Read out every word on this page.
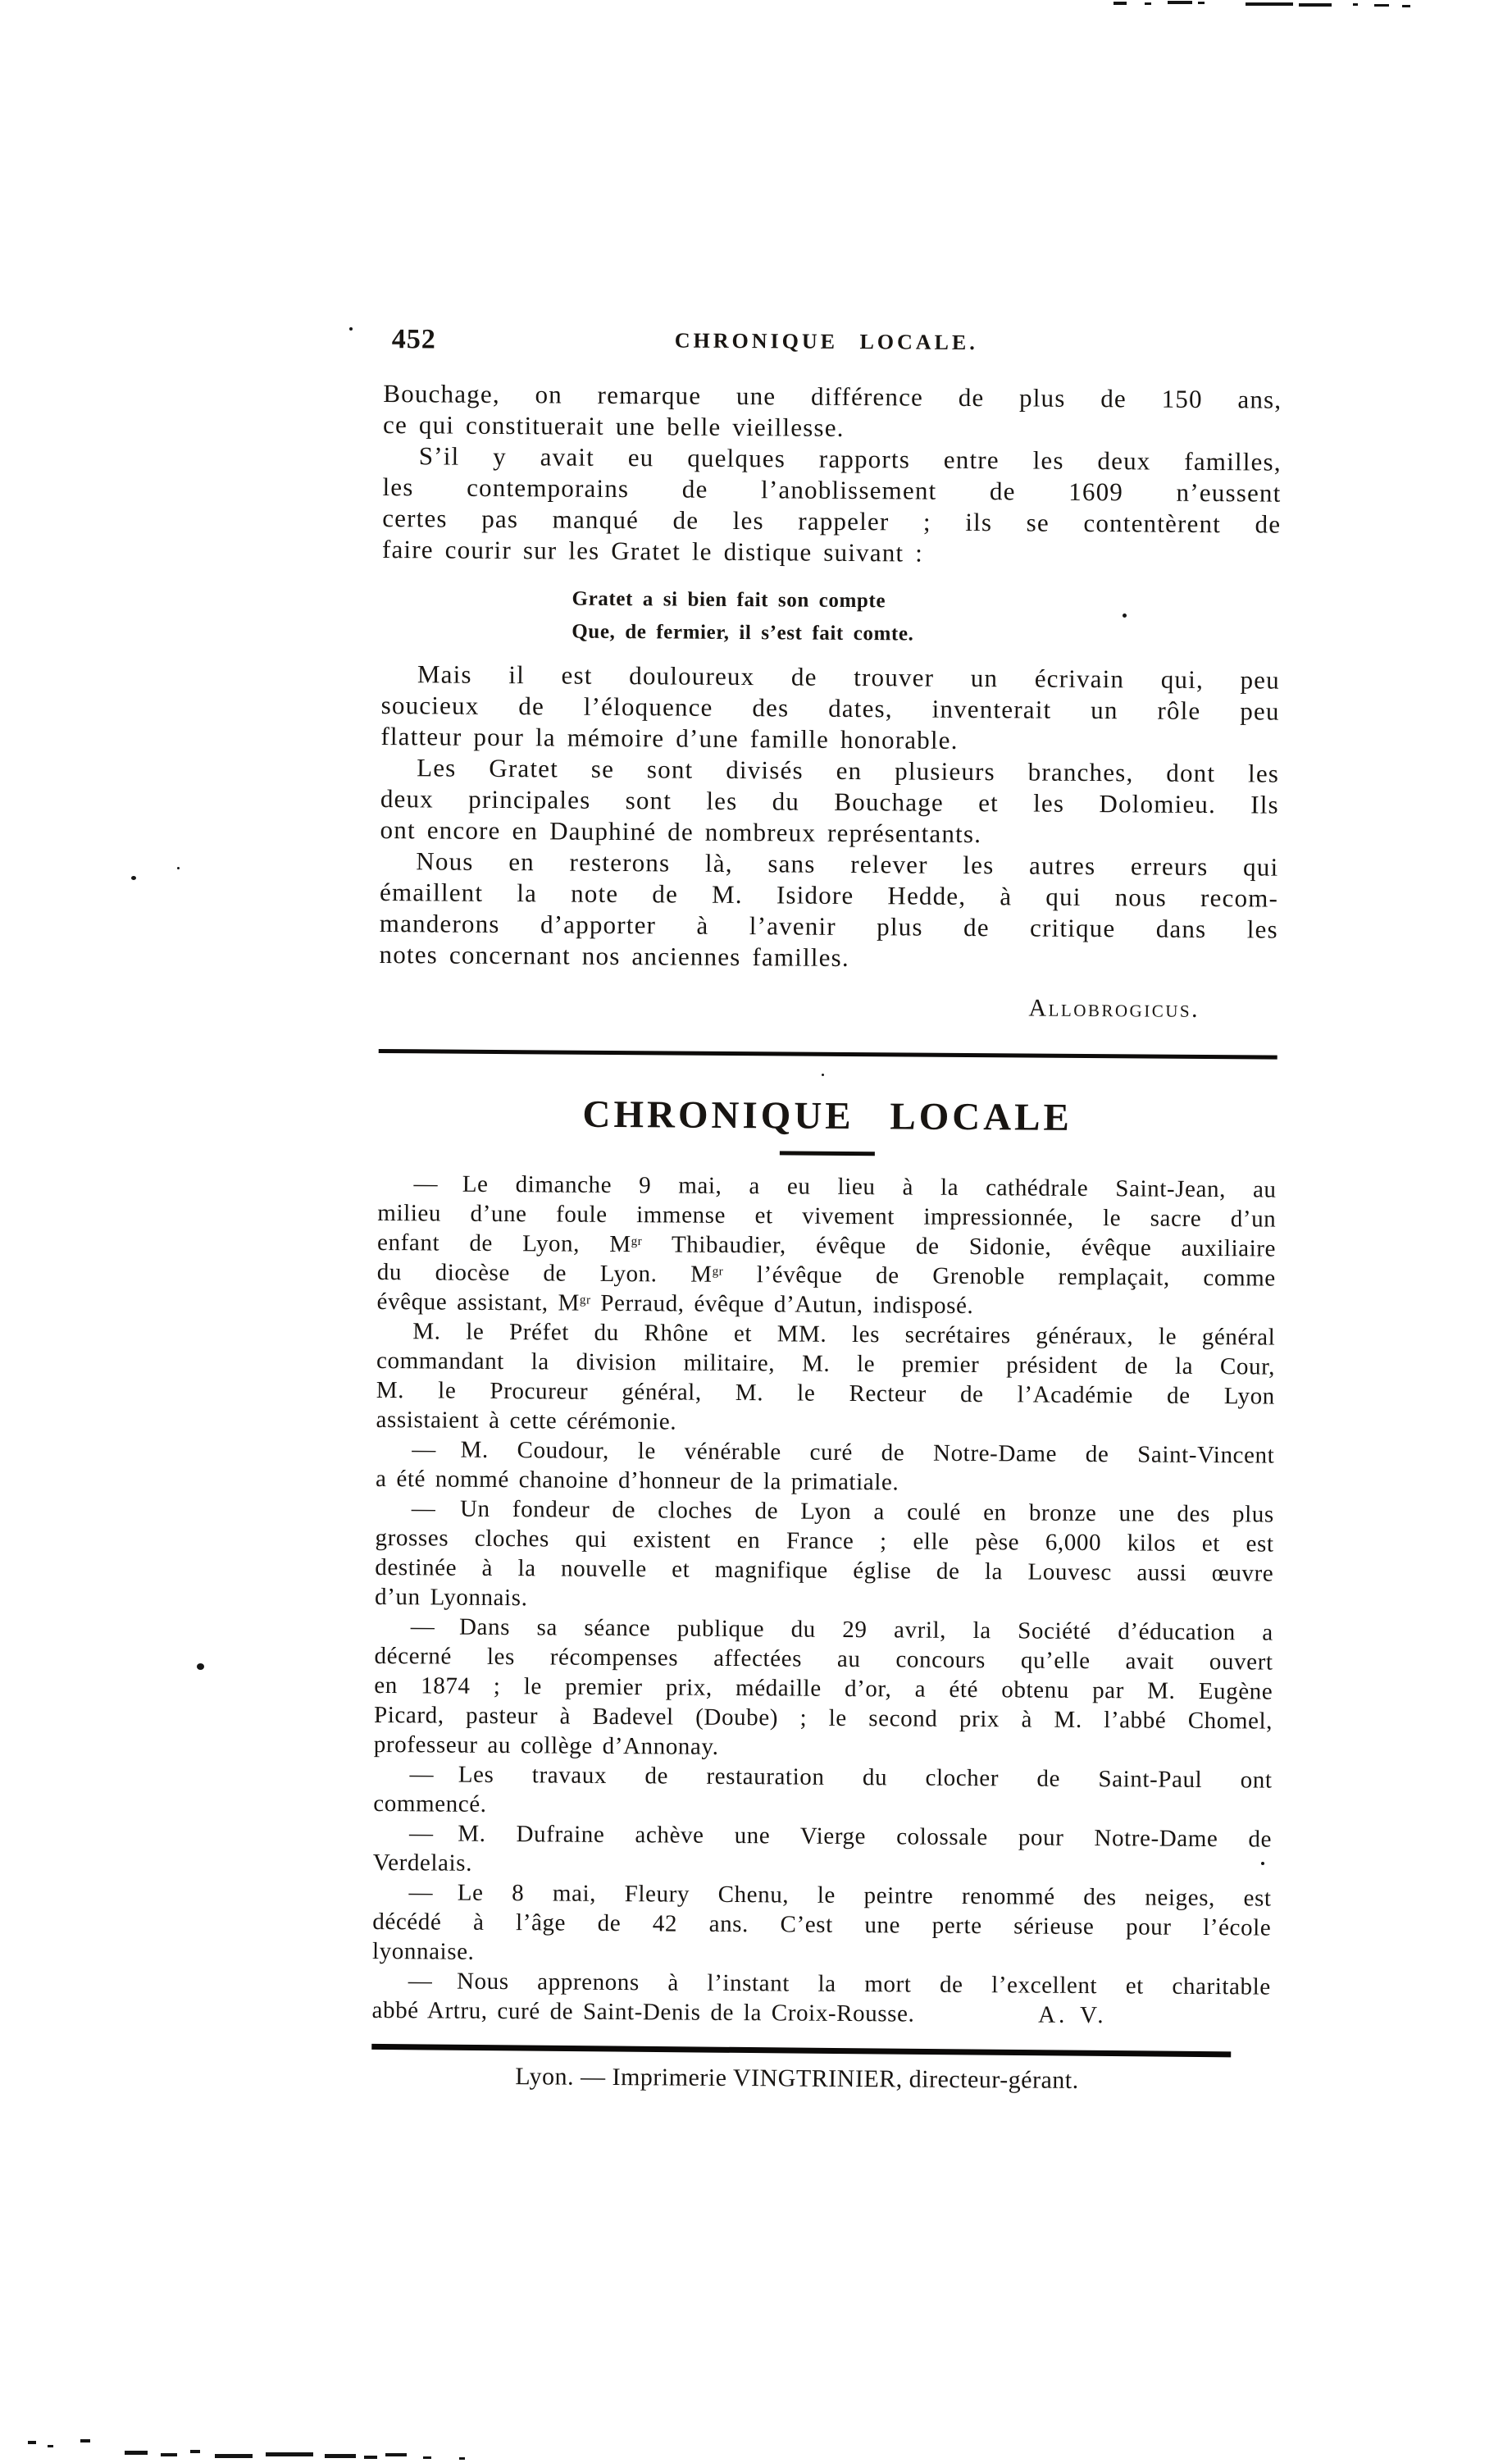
452	CHRONIQUE LOCALE.
Bouchage, on remarque une différence de plus de 150 ans,
ce qui constituerait une belle vieillesse.
S’il y avait eu quelques rapports entre les deux familles,
les contemporains de l’anoblissement de 1609 n’eussent
certes pas manqué de les rappeler ; ils se contentèrent de
faire courir sur les Gratet le distique suivant :
Gratet a si bien fait son compte
Que, de fermier, il s’est fait comte.
Mais il est douloureux de trouver un écrivain qui, peu
soucieux de l’éloquence des dates, inventerait un rôle peu
flatteur pour la mémoire d’une famille honorable.
Les Gratet se sont divisés en plusieurs branches, dont les
deux principales sont les du Bouchage et les Dolomieu. Ils
ont encore en Dauphiné de nombreux représentants.
Nous en resterons là, sans relever les autres erreurs qui
émaillent la note de M. Isidore Hedde, à qui nous recom-
manderons d’apporter à l’avenir plus de critique dans les
notes concernant nos anciennes familles.
Allobrogicus.
CHRONIQUE LOCALE
— Le dimanche 9 mai, a eu lieu à la cathédrale Saint-Jean, au
milieu d’une foule immense et vivement impressionnée, le sacre d’un
enfant de Lyon, $M^{gr}$ Thibaudier, évêque de Sidonie, évêque auxiliaire
du diocèse de Lyon. $M^{gr}$ l’évêque de Grenoble remplaçait, comme
évêque assistant, $M^{gr}$ Perraud, évêque d’Autun, indisposé.
M. le Préfet du Rhône et MM. les secrétaires généraux, le général
commandant la division militaire, M. le premier président de la Cour,
M. le Procureur général, M. le Recteur de l’Académie de Lyon
assistaient à cette cérémonie.
— M. Coudour, le vénérable curé de Notre-Dame de Saint-Vincent
a été nommé chanoine d’honneur de la primatiale.
— Un fondeur de cloches de Lyon a coulé en bronze une des plus
grosses cloches qui existent en France ; elle pèse 6,000 kilos et est
destinée à la nouvelle et magnifique église de la Louvesc aussi œuvre
d’un Lyonnais.
— Dans sa séance publique du 29 avril, la Société d’éducation a
décerné les récompenses affectées au concours qu’elle avait ouvert
en 1874 ; le premier prix, médaille d’or, a été obtenu par M. Eugène
Picard, pasteur à Badevel (Doube) ; le second prix à M. l’abbé Chomel,
professeur au collège d’Annonay.
— Les travaux de restauration du clocher de Saint-Paul ont
commencé.
— M. Dufraine achève une Vierge colossale pour Notre-Dame de
Verdelais.
— Le 8 mai, Fleury Chenu, le peintre renommé des neiges, est
décédé à l’âge de 42 ans. C’est une perte sérieuse pour l’école
lyonnaise.
— Nous apprenons à l’instant la mort de l’excellent et charitable
abbé Artru, curé de Saint-Denis de la Croix-Rousse.	A. V.
Lyon. — Imprimerie VINGTRINIER, directeur-gérant.
